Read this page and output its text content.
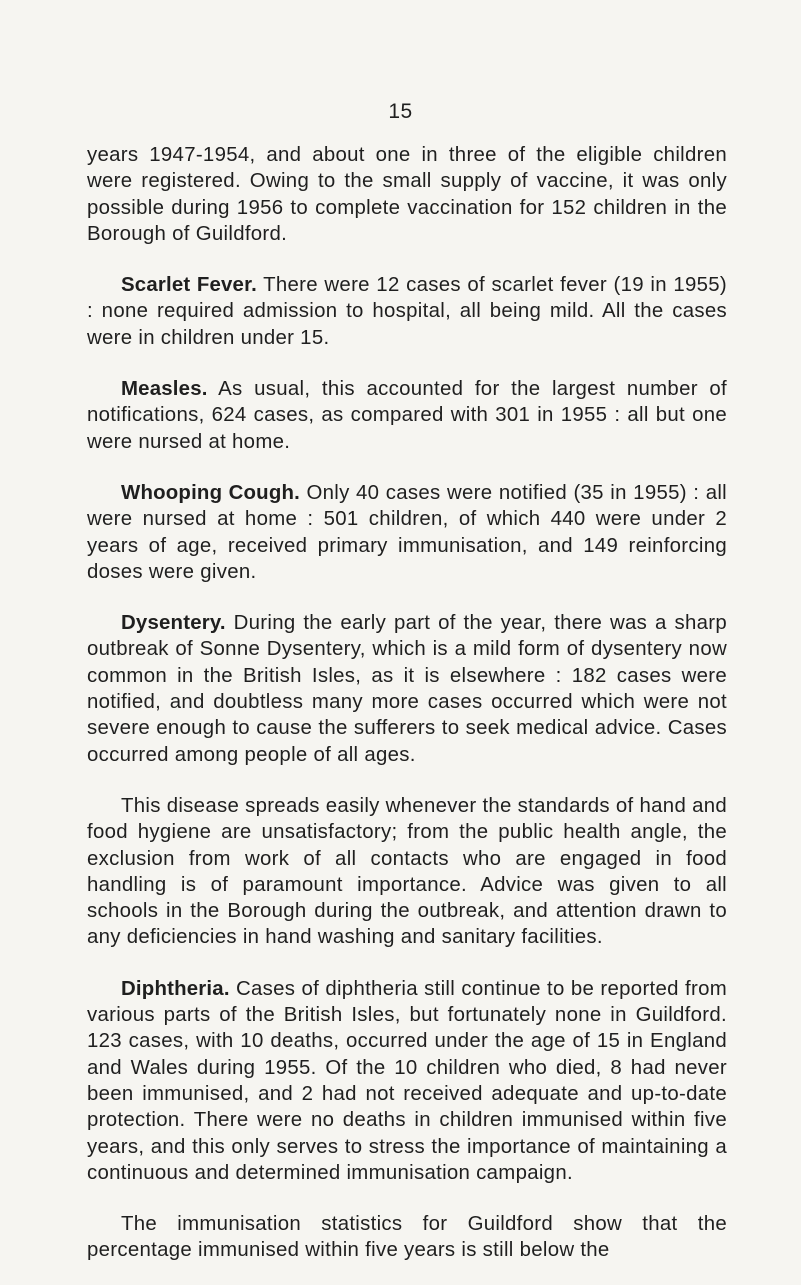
15

years 1947-1954, and about one in three of the eligible children were registered. Owing to the small supply of vaccine, it was only possible during 1956 to complete vaccination for 152 children in the Borough of Guildford.

Scarlet Fever. There were 12 cases of scarlet fever (19 in 1955) : none required admission to hospital, all being mild. All the cases were in children under 15.

Measles. As usual, this accounted for the largest number of notifications, 624 cases, as compared with 301 in 1955 : all but one were nursed at home.

Whooping Cough. Only 40 cases were notified (35 in 1955) : all were nursed at home : 501 children, of which 440 were under 2 years of age, received primary immunisation, and 149 reinforcing doses were given.

Dysentery. During the early part of the year, there was a sharp outbreak of Sonne Dysentery, which is a mild form of dysentery now common in the British Isles, as it is elsewhere : 182 cases were notified, and doubtless many more cases occurred which were not severe enough to cause the sufferers to seek medical advice. Cases occurred among people of all ages.

This disease spreads easily whenever the standards of hand and food hygiene are unsatisfactory; from the public health angle, the exclusion from work of all contacts who are engaged in food handling is of paramount importance. Advice was given to all schools in the Borough during the outbreak, and attention drawn to any deficiencies in hand washing and sanitary facilities.

Diphtheria. Cases of diphtheria still continue to be reported from various parts of the British Isles, but fortunately none in Guildford. 123 cases, with 10 deaths, occurred under the age of 15 in England and Wales during 1955. Of the 10 children who died, 8 had never been immunised, and 2 had not received adequate and up-to-date protection. There were no deaths in children immunised within five years, and this only serves to stress the importance of maintaining a continuous and determined immunisation campaign.

The immunisation statistics for Guildford show that the percentage immunised within five years is still below the
